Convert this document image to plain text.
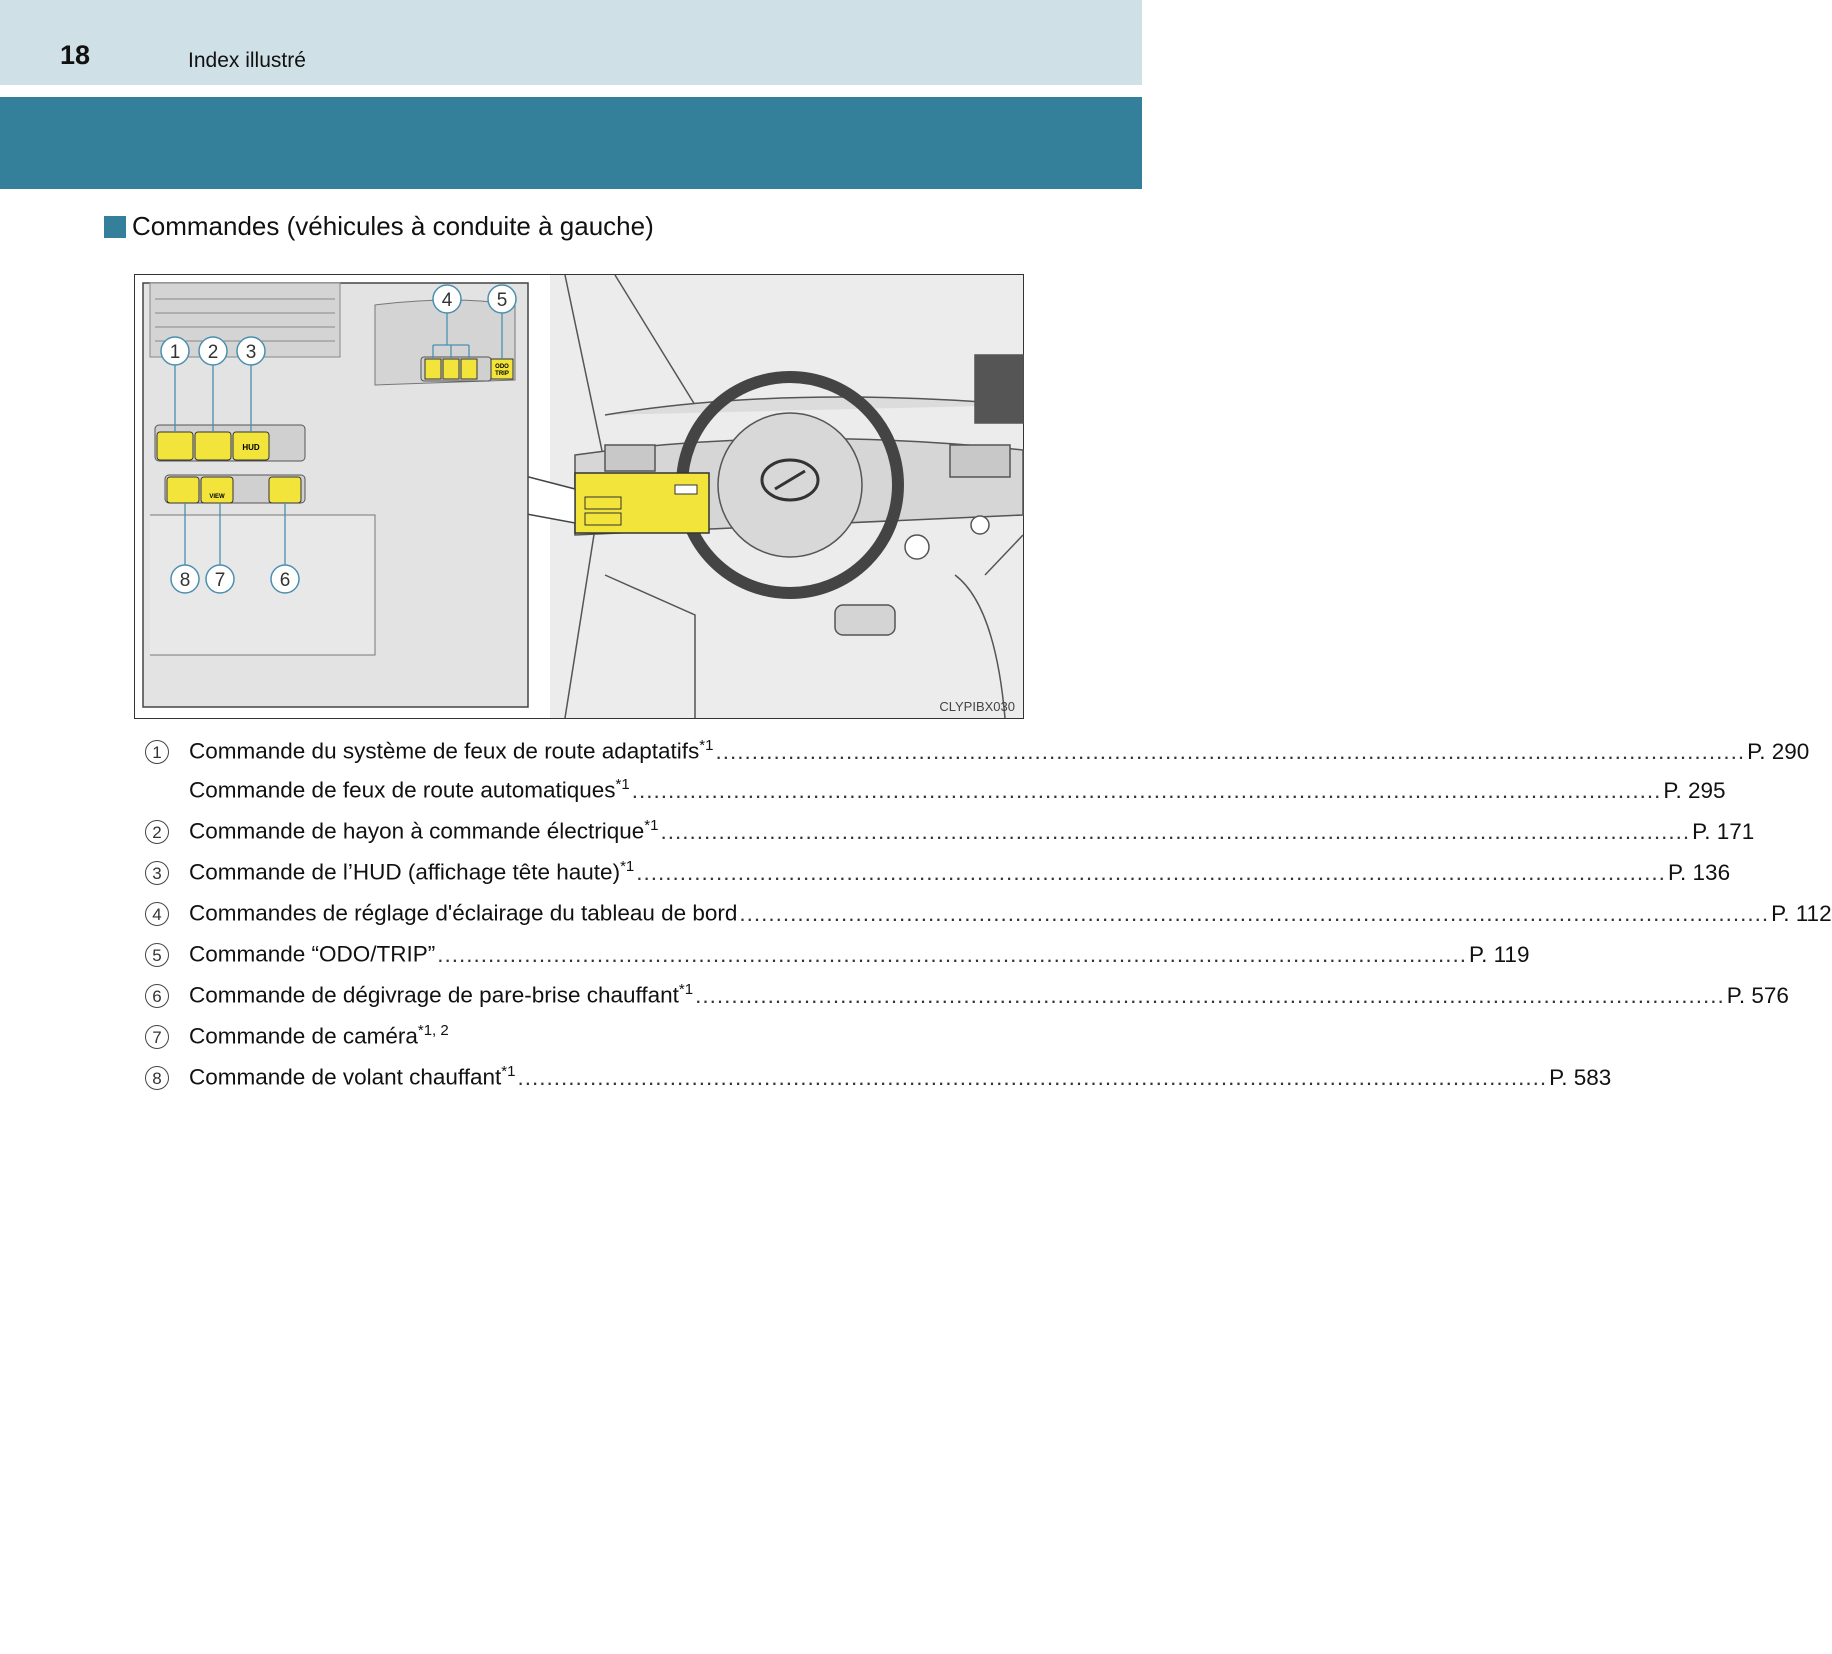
18	Index illustré
Commandes (véhicules à conduite à gauche)
HUD
VIEW
ODO
TRIP
1 2 3
4 5
6
7
8
CLYPIBX030
1	Commande du système de feux de route adaptatifs$^{*1}$ .............................................................................................................................................. P. 290
Commande de feux de route automatiques$^{*1}$ .............................................................................................................................................. P. 295
2	Commande de hayon à commande électrique$^{*1}$ .............................................................................................................................................. P. 171
3	Commande de l’HUD (affichage tête haute)$^{*1}$ .............................................................................................................................................. P. 136
4	Commandes de réglage d'éclairage du tableau de bord .............................................................................................................................................. P. 112
5	Commande “ODO/TRIP” .............................................................................................................................................. P. 119
6	Commande de dégivrage de pare-brise chauffant$^{*1}$ .............................................................................................................................................. P. 576
7	Commande de caméra$^{*1, 2}$
8	Commande de volant chauffant$^{*1}$ .............................................................................................................................................. P. 583
